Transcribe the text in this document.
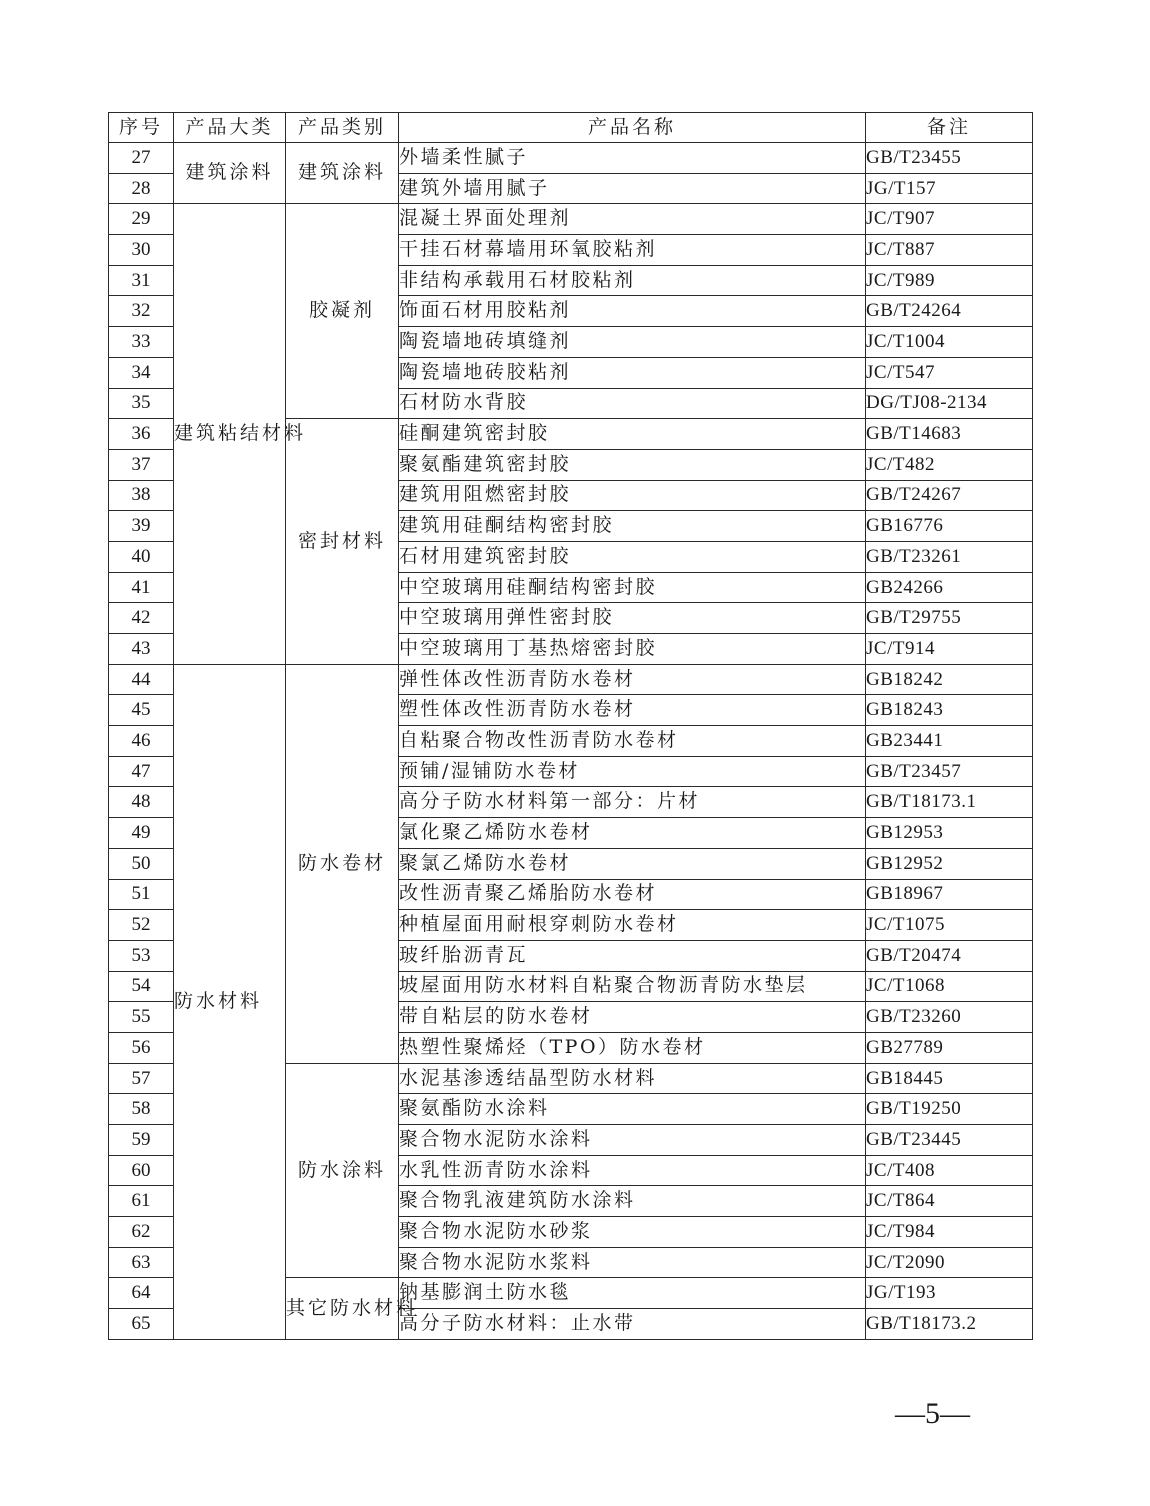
序号	产品大类	产品类别	产品名称	备注
27	建筑涂料	建筑涂料	外墙柔性腻子	GB/T23455
28			建筑外墙用腻子	JG/T157
29	建筑粘结材料	胶凝剂	混凝土界面处理剂	JC/T907
30			干挂石材幕墙用环氧胶粘剂	JC/T887
31			非结构承载用石材胶粘剂	JC/T989
32			饰面石材用胶粘剂	GB/T24264
33			陶瓷墙地砖填缝剂	JC/T1004
34			陶瓷墙地砖胶粘剂	JC/T547
35			石材防水背胶	DG/TJ08-2134
36		密封材料	硅酮建筑密封胶	GB/T14683
37			聚氨酯建筑密封胶	JC/T482
38			建筑用阻燃密封胶	GB/T24267
39			建筑用硅酮结构密封胶	GB16776
40			石材用建筑密封胶	GB/T23261
41			中空玻璃用硅酮结构密封胶	GB24266
42			中空玻璃用弹性密封胶	GB/T29755
43			中空玻璃用丁基热熔密封胶	JC/T914
44	防水材料	防水卷材	弹性体改性沥青防水卷材	GB18242
45			塑性体改性沥青防水卷材	GB18243
46			自粘聚合物改性沥青防水卷材	GB23441
47			预铺/湿铺防水卷材	GB/T23457
48			高分子防水材料第一部分：片材	GB/T18173.1
49			氯化聚乙烯防水卷材	GB12953
50			聚氯乙烯防水卷材	GB12952
51			改性沥青聚乙烯胎防水卷材	GB18967
52			种植屋面用耐根穿刺防水卷材	JC/T1075
53			玻纤胎沥青瓦	GB/T20474
54			坡屋面用防水材料自粘聚合物沥青防水垫层	JC/T1068
55			带自粘层的防水卷材	GB/T23260
56			热塑性聚烯烃（TPO）防水卷材	GB27789
57		防水涂料	水泥基渗透结晶型防水材料	GB18445
58			聚氨酯防水涂料	GB/T19250
59			聚合物水泥防水涂料	GB/T23445
60			水乳性沥青防水涂料	JC/T408
61			聚合物乳液建筑防水涂料	JC/T864
62			聚合物水泥防水砂浆	JC/T984
63			聚合物水泥防水浆料	JC/T2090
64		其它防水材料	钠基膨润土防水毯	JG/T193
65			高分子防水材料：止水带	GB/T18173.2
—5—
